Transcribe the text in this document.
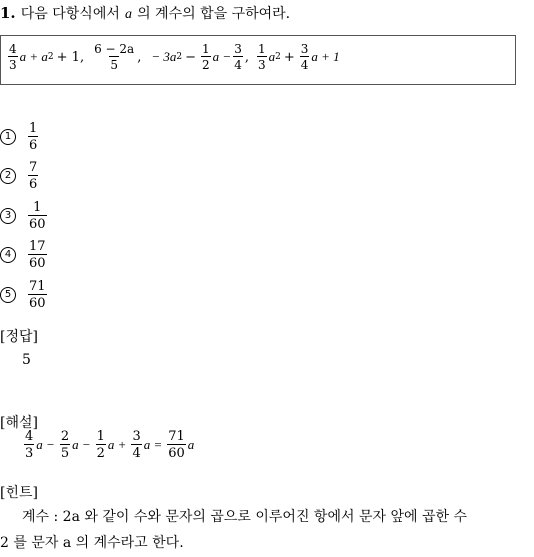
1. 다음 다항식에서 a 의 계수의 합을 구하여라.
$\frac{4}{3}$ a + a 2 + 1, $\frac{6 - 2a}{5}$ , − 3a $2 - \frac{1}{2}$ $a - \frac{3}{4}$ , $\frac{1}{3}$ a $2 + \frac{3}{4}$ a + 1
1	$\frac{1}{6}$
2	$\frac{7}{6}$
3	$\frac{1}{60}$
4	$\frac{17}{60}$
5	$\frac{71}{60}$
[정답]
5
[해설]
$\frac{4}{3}$ $a - \frac{2}{5}$ $a - \frac{1}{2}$ $a + \frac{3}{4}$ $a = \frac{71}{60}$ a
[힌트]
계수 : 2a 와 같이 수와 문자의 곱으로 이루어진 항에서 문자 앞에 곱한 수
2 를 문자 a 의 계수라고 한다.
